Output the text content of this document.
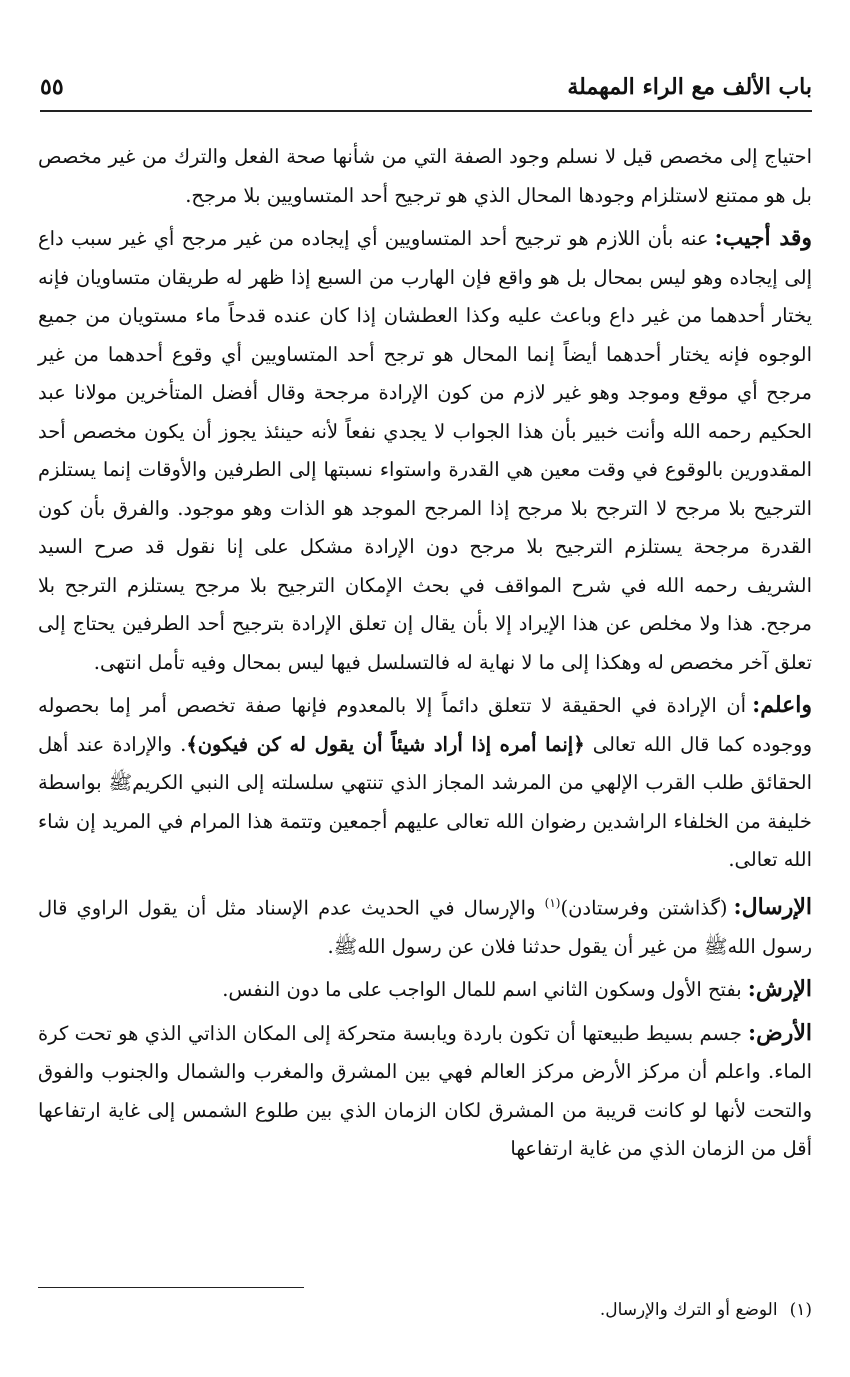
باب الألف مع الراء المهملة
٥٥

احتياج إلى مخصص قيل لا نسلم وجود الصفة التي من شأنها صحة الفعل والترك من غير مخصص بل هو ممتنع لاستلزام وجودها المحال الذي هو ترجيح أحد المتساويين بلا مرجح.

وقد أجيب:عنه بأن اللازم هو ترجيح أحد المتساويين أي إيجاده من غير مرجح أي غير سبب داع إلى إيجاده وهو ليس بمحال بل هو واقع فإن الهارب من السبع إذا ظهر له طريقان متساويان فإنه يختار أحدهما من غير داع وباعث عليه وكذا العطشان إذا كان عنده قدحاً ماء مستويان من جميع الوجوه فإنه يختار أحدهما أيضاً إنما المحال هو ترجح أحد المتساويين أي وقوع أحدهما من غير مرجح أي موقع وموجد وهو غير لازم من كون الإرادة مرجحة وقال أفضل المتأخرين مولانا عبد الحكيم رحمه الله وأنت خبير بأن هذا الجواب لا يجدي نفعاً لأنه حينئذ يجوز أن يكون مخصص أحد المقدورين بالوقوع في وقت معين هي القدرة واستواء نسبتها إلى الطرفين والأوقات إنما يستلزم الترجيح بلا مرجح لا الترجح بلا مرجح إذا المرجح الموجد هو الذات وهو موجود. والفرق بأن كون القدرة مرجحة يستلزم الترجيح بلا مرجح دون الإرادة مشكل على إنا نقول قد صرح السيد الشريف رحمه الله في شرح المواقف في بحث الإمكان الترجيح بلا مرجح يستلزم الترجح بلا مرجح. هذا ولا مخلص عن هذا الإيراد إلا بأن يقال إن تعلق الإرادة بترجيح أحد الطرفين يحتاج إلى تعلق آخر مخصص له وهكذا إلى ما لا نهاية له فالتسلسل فيها ليس بمحال وفيه تأمل انتهى.

واعلم:أن الإرادة في الحقيقة لا تتعلق دائماً إلا بالمعدوم فإنها صفة تخصص أمر إما بحصوله ووجوده كما قال الله تعالى ﴿إنما أمره إذا أراد شيئاً أن يقول له كن فيكون﴾. والإرادة عند أهل الحقائق طلب القرب الإلهي من المرشد المجاز الذي تنتهي سلسلته إلى النبي الكريمﷺ بواسطة خليفة من الخلفاء الراشدين رضوان الله تعالى عليهم أجمعين وتتمة هذا المرام في المريد إن شاء الله تعالى.

الإرسال:(گذاشتن وفرستادن)$^{(١)}$ والإرسال في الحديث عدم الإسناد مثل أن يقول الراوي قال رسول اللهﷺ من غير أن يقول حدثنا فلان عن رسول اللهﷺ.

الإرش:بفتح الأول وسكون الثاني اسم للمال الواجب على ما دون النفس.

الأرض:جسم بسيط طبيعتها أن تكون باردة ويابسة متحركة إلى المكان الذاتي الذي هو تحت كرة الماء. واعلم أن مركز الأرض مركز العالم فهي بين المشرق والمغرب والشمال والجنوب والفوق والتحت لأنها لو كانت قريبة من المشرق لكان الزمان الذي بين طلوع الشمس إلى غاية ارتفاعها أقل من الزمان الذي من غاية ارتفاعها

(١)الوضع أو الترك والإرسال.
